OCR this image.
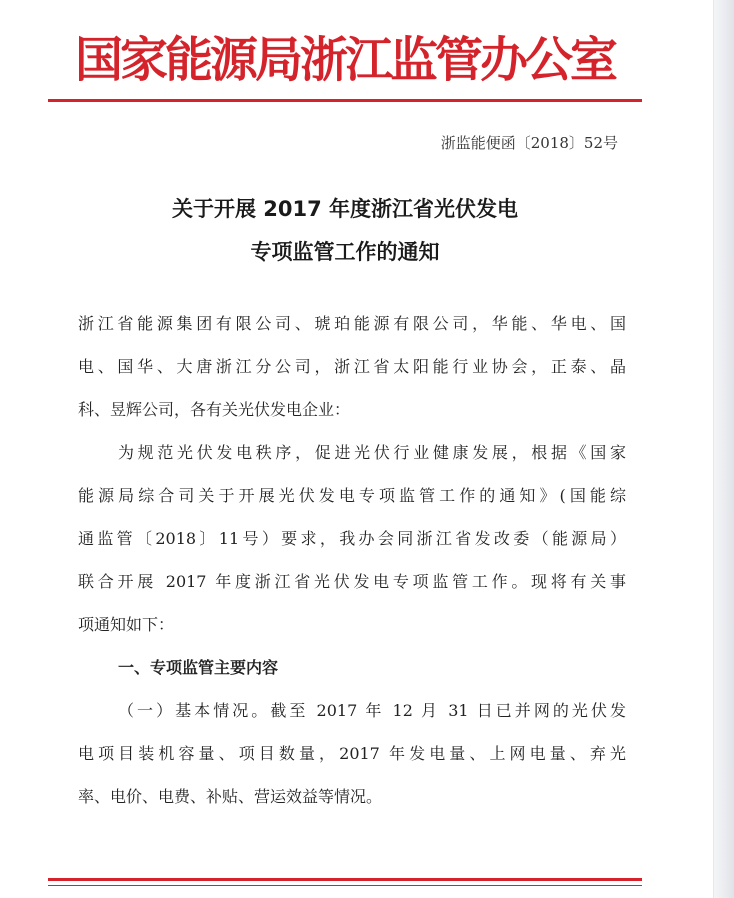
国家能源局浙江监管办公室
浙监能便函〔2018〕52号
关于开展 2017 年度浙江省光伏发电
专项监管工作的通知
浙江省能源集团有限公司、琥珀能源有限公司，华能、华电、国
电、国华、大唐浙江分公司，浙江省太阳能行业协会，正泰、晶
科、昱辉公司，各有关光伏发电企业：
为规范光伏发电秩序，促进光伏行业健康发展，根据《国家
能源局综合司关于开展光伏发电专项监管工作的通知》(国能综
通监管〔2018〕11号）要求，我办会同浙江省发改委（能源局）
联合开展 2017 年度浙江省光伏发电专项监管工作。现将有关事
项通知如下：
一、专项监管主要内容
（一）基本情况。截至 2017 年 12 月 31 日已并网的光伏发
电项目装机容量、项目数量，2017 年发电量、上网电量、弃光
率、电价、电费、补贴、营运效益等情况。
